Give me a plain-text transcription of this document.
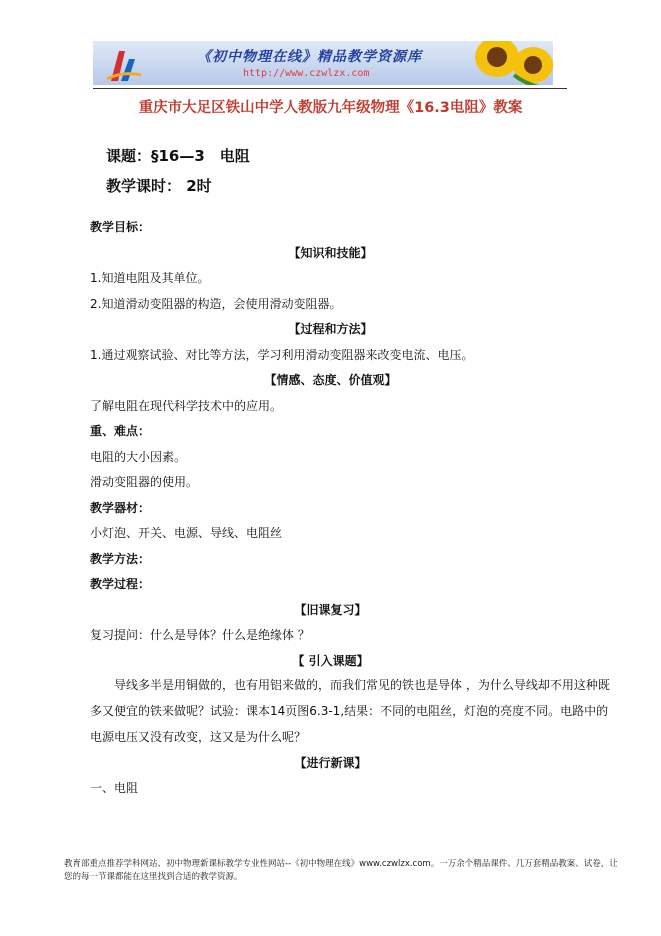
《初中物理在线》精品教学资源库
http://www.czwlzx.com
重庆市大足区铁山中学人教版九年级物理《16.3电阻》教案
课题：§16—3　电阻
教学课时： 2时
教学目标：
【知识和技能】
1.知道电阻及其单位。
2.知道滑动变阻器的构造，会使用滑动变阻器。
【过程和方法】
1.通过观察试验、对比等方法，学习利用滑动变阻器来改变电流、电压。
【情感、态度、价值观】
了解电阻在现代科学技术中的应用。
重、难点：
电阻的大小因素。
滑动变阻器的使用。
教学器材：
小灯泡、开关、电源、导线、电阻丝
教学方法：
教学过程：
【旧课复习】
复习提问：什么是导体？什么是绝缘体 ？
【 引入课题】
导线多半是用铜做的，也有用铝来做的，而我们常见的铁也是导体 ，为什么导线却不用这种既多又便宜的铁来做呢？试验：课本14页图6.3-1,结果：不同的电阻丝，灯泡的亮度不同。电路中的电源电压又没有改变，这又是为什么呢？
【进行新课】
一、电阻
教育部重点推荐学科网站、初中物理新课标教学专业性网站--《初中物理在线》www.czwlzx.com。一万余个精品课件、几万套精品教案、试卷，让您的每一节课都能在这里找到合适的教学资源。
